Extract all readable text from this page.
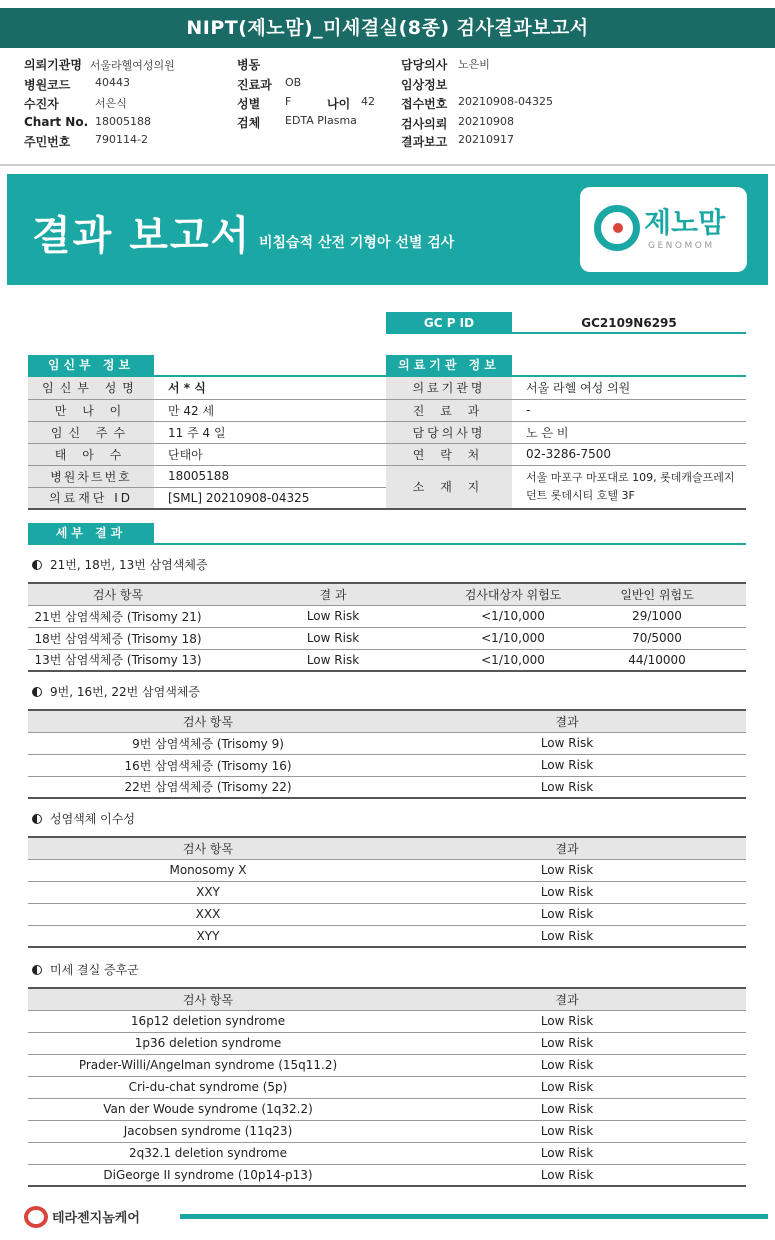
NIPT(제노맘)_미세결실(8종) 검사결과보고서
의뢰기관명 서울라헬여성의원
병원코드 40443
수진자	서은식
Chart No. 18005188
주민번호 790114-2
병동
진료과 OB
성별 F	나이 42
검체 EDTA Plasma
담당의사 노은비
임상정보
접수번호 20210908-04325
검사의뢰 20210908
결과보고 20210917
결과 보고서 비침습적 산전 기형아 선별 검사
제노맘
GENOMOM
GC P ID	GC2109N6295
임신부 정보
임신부 성명	서 * 식
만 나 이	만 42 세
임신 주수	11 주 4 일
태 아 수	단태아
병원차트번호	18005188
의료재단 ID	[SML] 20210908-04325
의료기관 정보
의료기관명	서울 라헬 여성 의원
진 료 과	-
담당의사명	노 은 비
연 락 처	02-3286-7500
소 재 지	서울 마포구 마포대로 109, 롯데캐슬프레지
던트 롯데시티 호텔 3F
세부 결과
21번, 18번, 13번 삼염색체증
검사 항목	결 과	검사대상자 위험도	일반인 위험도
21번 삼염색체증 (Trisomy 21)	Low Risk	<1/10,000	29/1000
18번 삼염색체증 (Trisomy 18)	Low Risk	<1/10,000	70/5000
13번 삼염색체증 (Trisomy 13)	Low Risk	<1/10,000	44/10000
9번, 16번, 22번 삼염색체증
검사 항목	결과
9번 삼염색체증 (Trisomy 9)	Low Risk
16번 삼염색체증 (Trisomy 16)	Low Risk
22번 삼염색체증 (Trisomy 22)	Low Risk
성염색체 이수성
검사 항목	결과
Monosomy X	Low Risk
XXY	Low Risk
XXX	Low Risk
XYY	Low Risk
미세 결실 증후군
검사 항목	결과
16p12 deletion syndrome	Low Risk
1p36 deletion syndrome	Low Risk
Prader-Willi/Angelman syndrome (15q11.2)	Low Risk
Cri-du-chat syndrome (5p)	Low Risk
Van der Woude syndrome (1q32.2)	Low Risk
Jacobsen syndrome (11q23)	Low Risk
2q32.1 deletion syndrome	Low Risk
DiGeorge II syndrome (10p14-p13)	Low Risk
테라젠지놈케어
